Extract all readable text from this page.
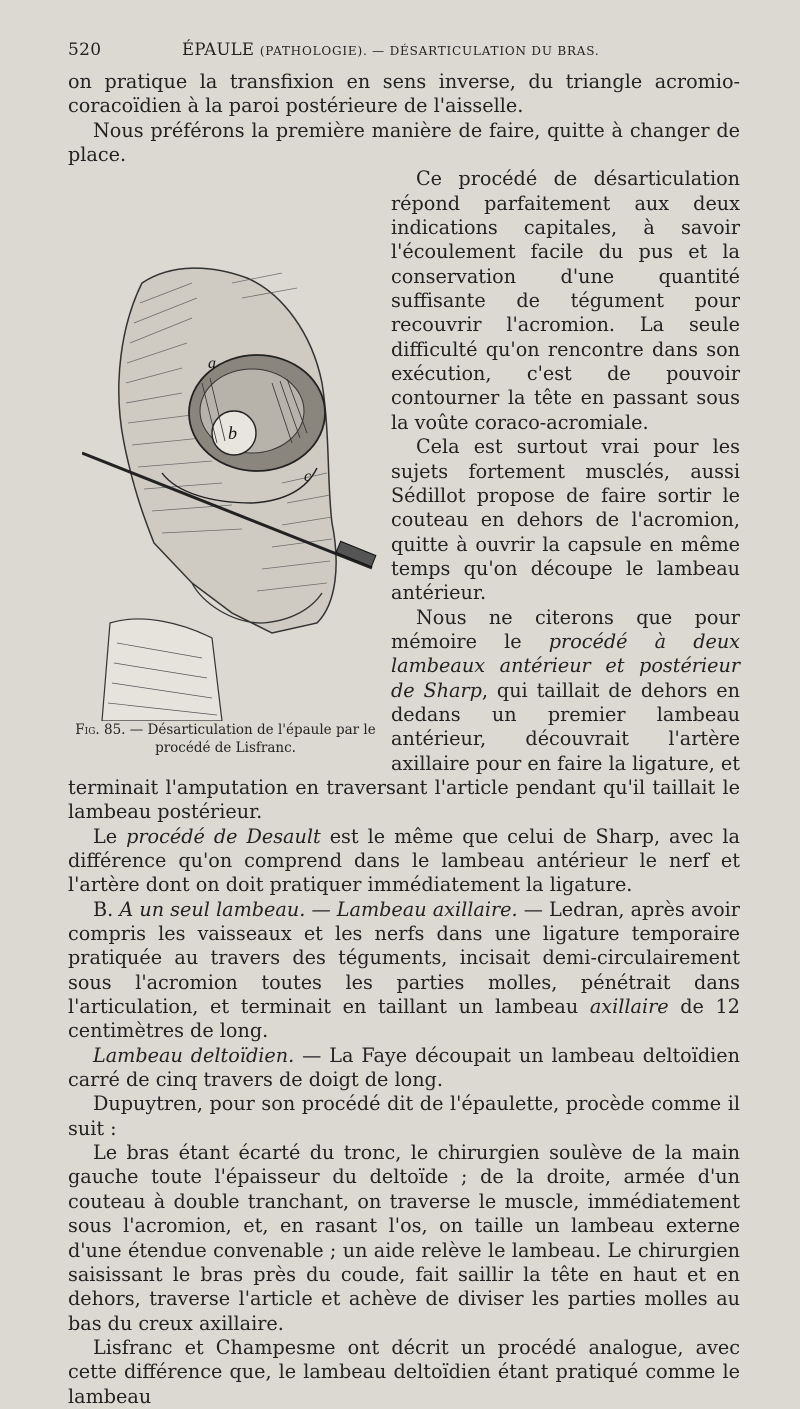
520	ÉPAULE (PATHOLOGIE). — DÉSARTICULATION DU BRAS.

on pratique la transfixion en sens inverse, du triangle acromio-coracoïdien à la paroi postérieure de l'aisselle.

Nous préférons la première manière de faire, quitte à changer de place.

a
b
c
Fig. 85. — Désarticulation de l'épaule par le procédé de Lisfranc.

Ce procédé de désarticulation répond parfaitement aux deux indications capitales, à savoir l'écoulement facile du pus et la conservation d'une quantité suffisante de tégument pour recouvrir l'acromion. La seule difficulté qu'on rencontre dans son exécution, c'est de pouvoir contourner la tête en passant sous la voûte coraco-acromiale.

Cela est surtout vrai pour les sujets fortement musclés, aussi Sédillot propose de faire sortir le couteau en dehors de l'acromion, quitte à ouvrir la capsule en même temps qu'on découpe le lambeau antérieur.

Nous ne citerons que pour mémoire le procédé à deux lambeaux antérieur et postérieur de Sharp, qui taillait de dehors en dedans un premier lambeau antérieur, découvrait l'artère axillaire pour en faire la ligature, et terminait l'amputation en traversant l'article pendant qu'il taillait le lambeau postérieur.

Le procédé de Desault est le même que celui de Sharp, avec la différence qu'on comprend dans le lambeau antérieur le nerf et l'artère dont on doit pratiquer immédiatement la ligature.

B. A un seul lambeau. — Lambeau axillaire. — Ledran, après avoir compris les vaisseaux et les nerfs dans une ligature temporaire pratiquée au travers des téguments, incisait demi-circulairement sous l'acromion toutes les parties molles, pénétrait dans l'articulation, et terminait en taillant un lambeau axillaire de 12 centimètres de long.

Lambeau deltoïdien. — La Faye découpait un lambeau deltoïdien carré de cinq travers de doigt de long.

Dupuytren, pour son procédé dit de l'épaulette, procède comme il suit :

Le bras étant écarté du tronc, le chirurgien soulève de la main gauche toute l'épaisseur du deltoïde ; de la droite, armée d'un couteau à double tranchant, on traverse le muscle, immédiatement sous l'acromion, et, en rasant l'os, on taille un lambeau externe d'une étendue convenable ; un aide relève le lambeau. Le chirurgien saisissant le bras près du coude, fait saillir la tête en haut et en dehors, traverse l'article et achève de diviser les parties molles au bas du creux axillaire.

Lisfranc et Champesme ont décrit un procédé analogue, avec cette différence que, le lambeau deltoïdien étant pratiqué comme le lambeau
